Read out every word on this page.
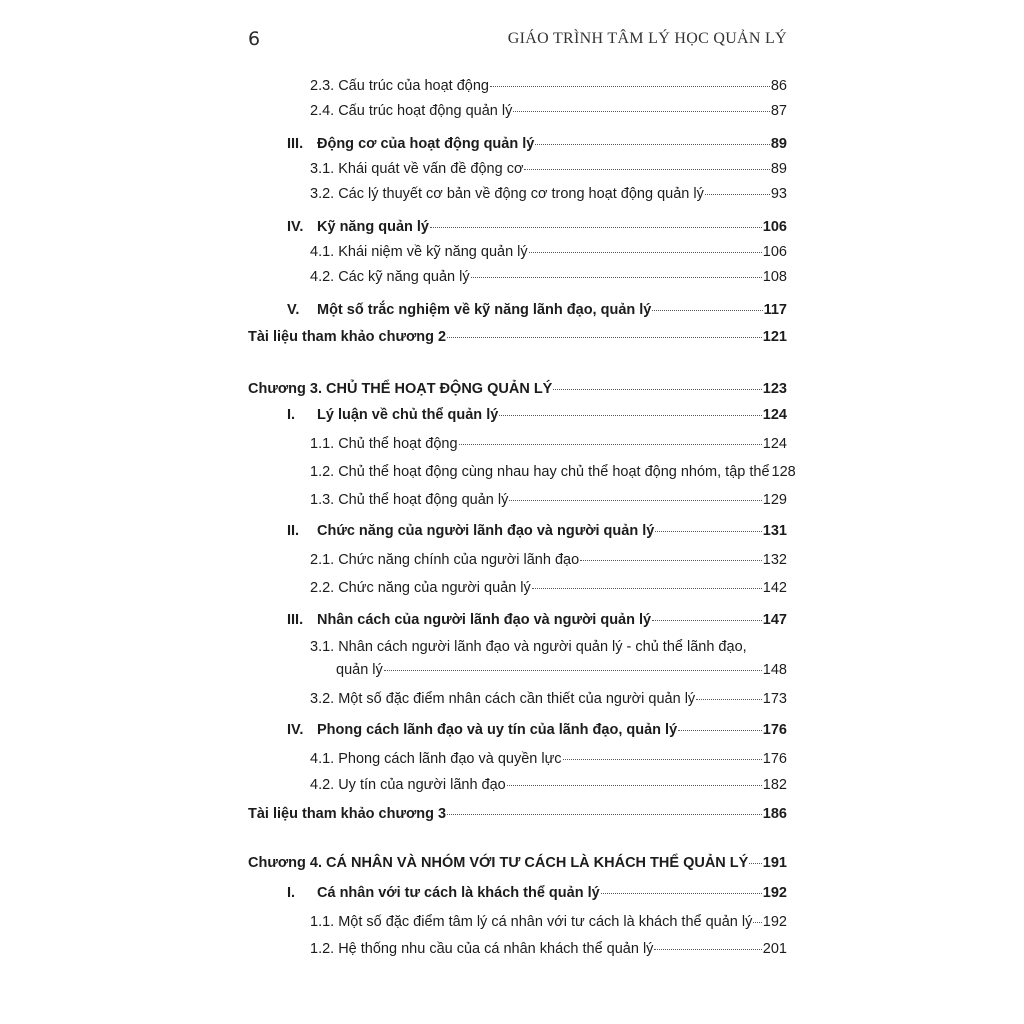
6	GIÁO TRÌNH TÂM LÝ HỌC QUẢN LÝ
2.3. Cấu trúc của hoạt động	86
2.4. Cấu trúc hoạt động quản lý	87
III. Động cơ của hoạt động quản lý	89
3.1. Khái quát về vấn đề động cơ	89
3.2. Các lý thuyết cơ bản về động cơ trong hoạt động quản lý	93
IV. Kỹ năng quản lý	106
4.1. Khái niệm về kỹ năng quản lý	106
4.2. Các kỹ năng quản lý	108
V.	Một số trắc nghiệm về kỹ năng lãnh đạo, quản lý	117
Tài liệu tham khảo chương 2	121
Chương 3. CHỦ THỂ HOẠT ĐỘNG QUẢN LÝ	123
I.	Lý luận về chủ thể quản lý	124
1.1. Chủ thể hoạt động	124
1.2. Chủ thể hoạt động cùng nhau hay chủ thể hoạt động nhóm, tập thể 128
1.3. Chủ thể hoạt động quản lý	129
II.	Chức năng của người lãnh đạo và người quản lý	131
2.1. Chức năng chính của người lãnh đạo	132
2.2. Chức năng của người quản lý	142
III. Nhân cách của người lãnh đạo và người quản lý	147
3.1. Nhân cách người lãnh đạo và người quản lý - chủ thể lãnh đạo,
quản lý	148
3.2. Một số đặc điểm nhân cách cần thiết của người quản lý	173
IV. Phong cách lãnh đạo và uy tín của lãnh đạo, quản lý	176
4.1. Phong cách lãnh đạo và quyền lực	176
4.2. Uy tín của người lãnh đạo	182
Tài liệu tham khảo chương 3	186
Chương 4. CÁ NHÂN VÀ NHÓM VỚI TƯ CÁCH LÀ KHÁCH THỂ QUẢN LÝ 191
I.	Cá nhân với tư cách là khách thể quản lý	192
1.1. Một số đặc điểm tâm lý cá nhân với tư cách là khách thể quản lý 192
1.2. Hệ thống nhu cầu của cá nhân khách thể quản lý	201
